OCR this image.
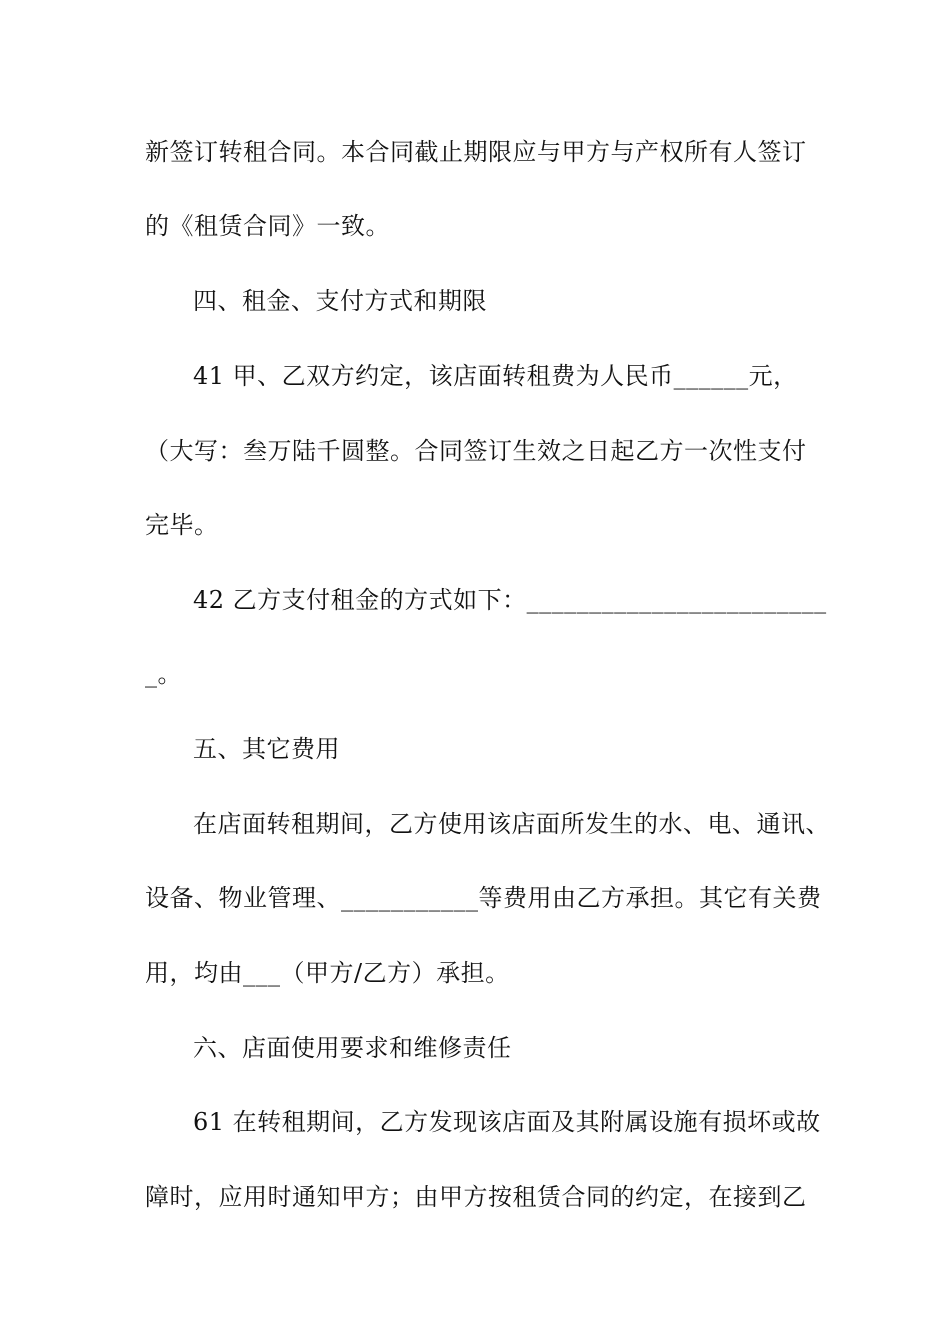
新签订转租合同。本合同截止期限应与甲方与产权所有人签订
的《租赁合同》一致。
四、租金、支付方式和期限
41 甲、乙双方约定，该店面转租费为人民币______元，
（大写：叁万陆千圆整。合同签订生效之日起乙方一次性支付
完毕。
42 乙方支付租金的方式如下：________________________
_。
五、其它费用
在店面转租期间，乙方使用该店面所发生的水、电、通讯、
设备、物业管理、___________等费用由乙方承担。其它有关费
用，均由___（甲方/乙方）承担。
六、店面使用要求和维修责任
61 在转租期间，乙方发现该店面及其附属设施有损坏或故
障时，应用时通知甲方；由甲方按租赁合同的约定，在接到乙
